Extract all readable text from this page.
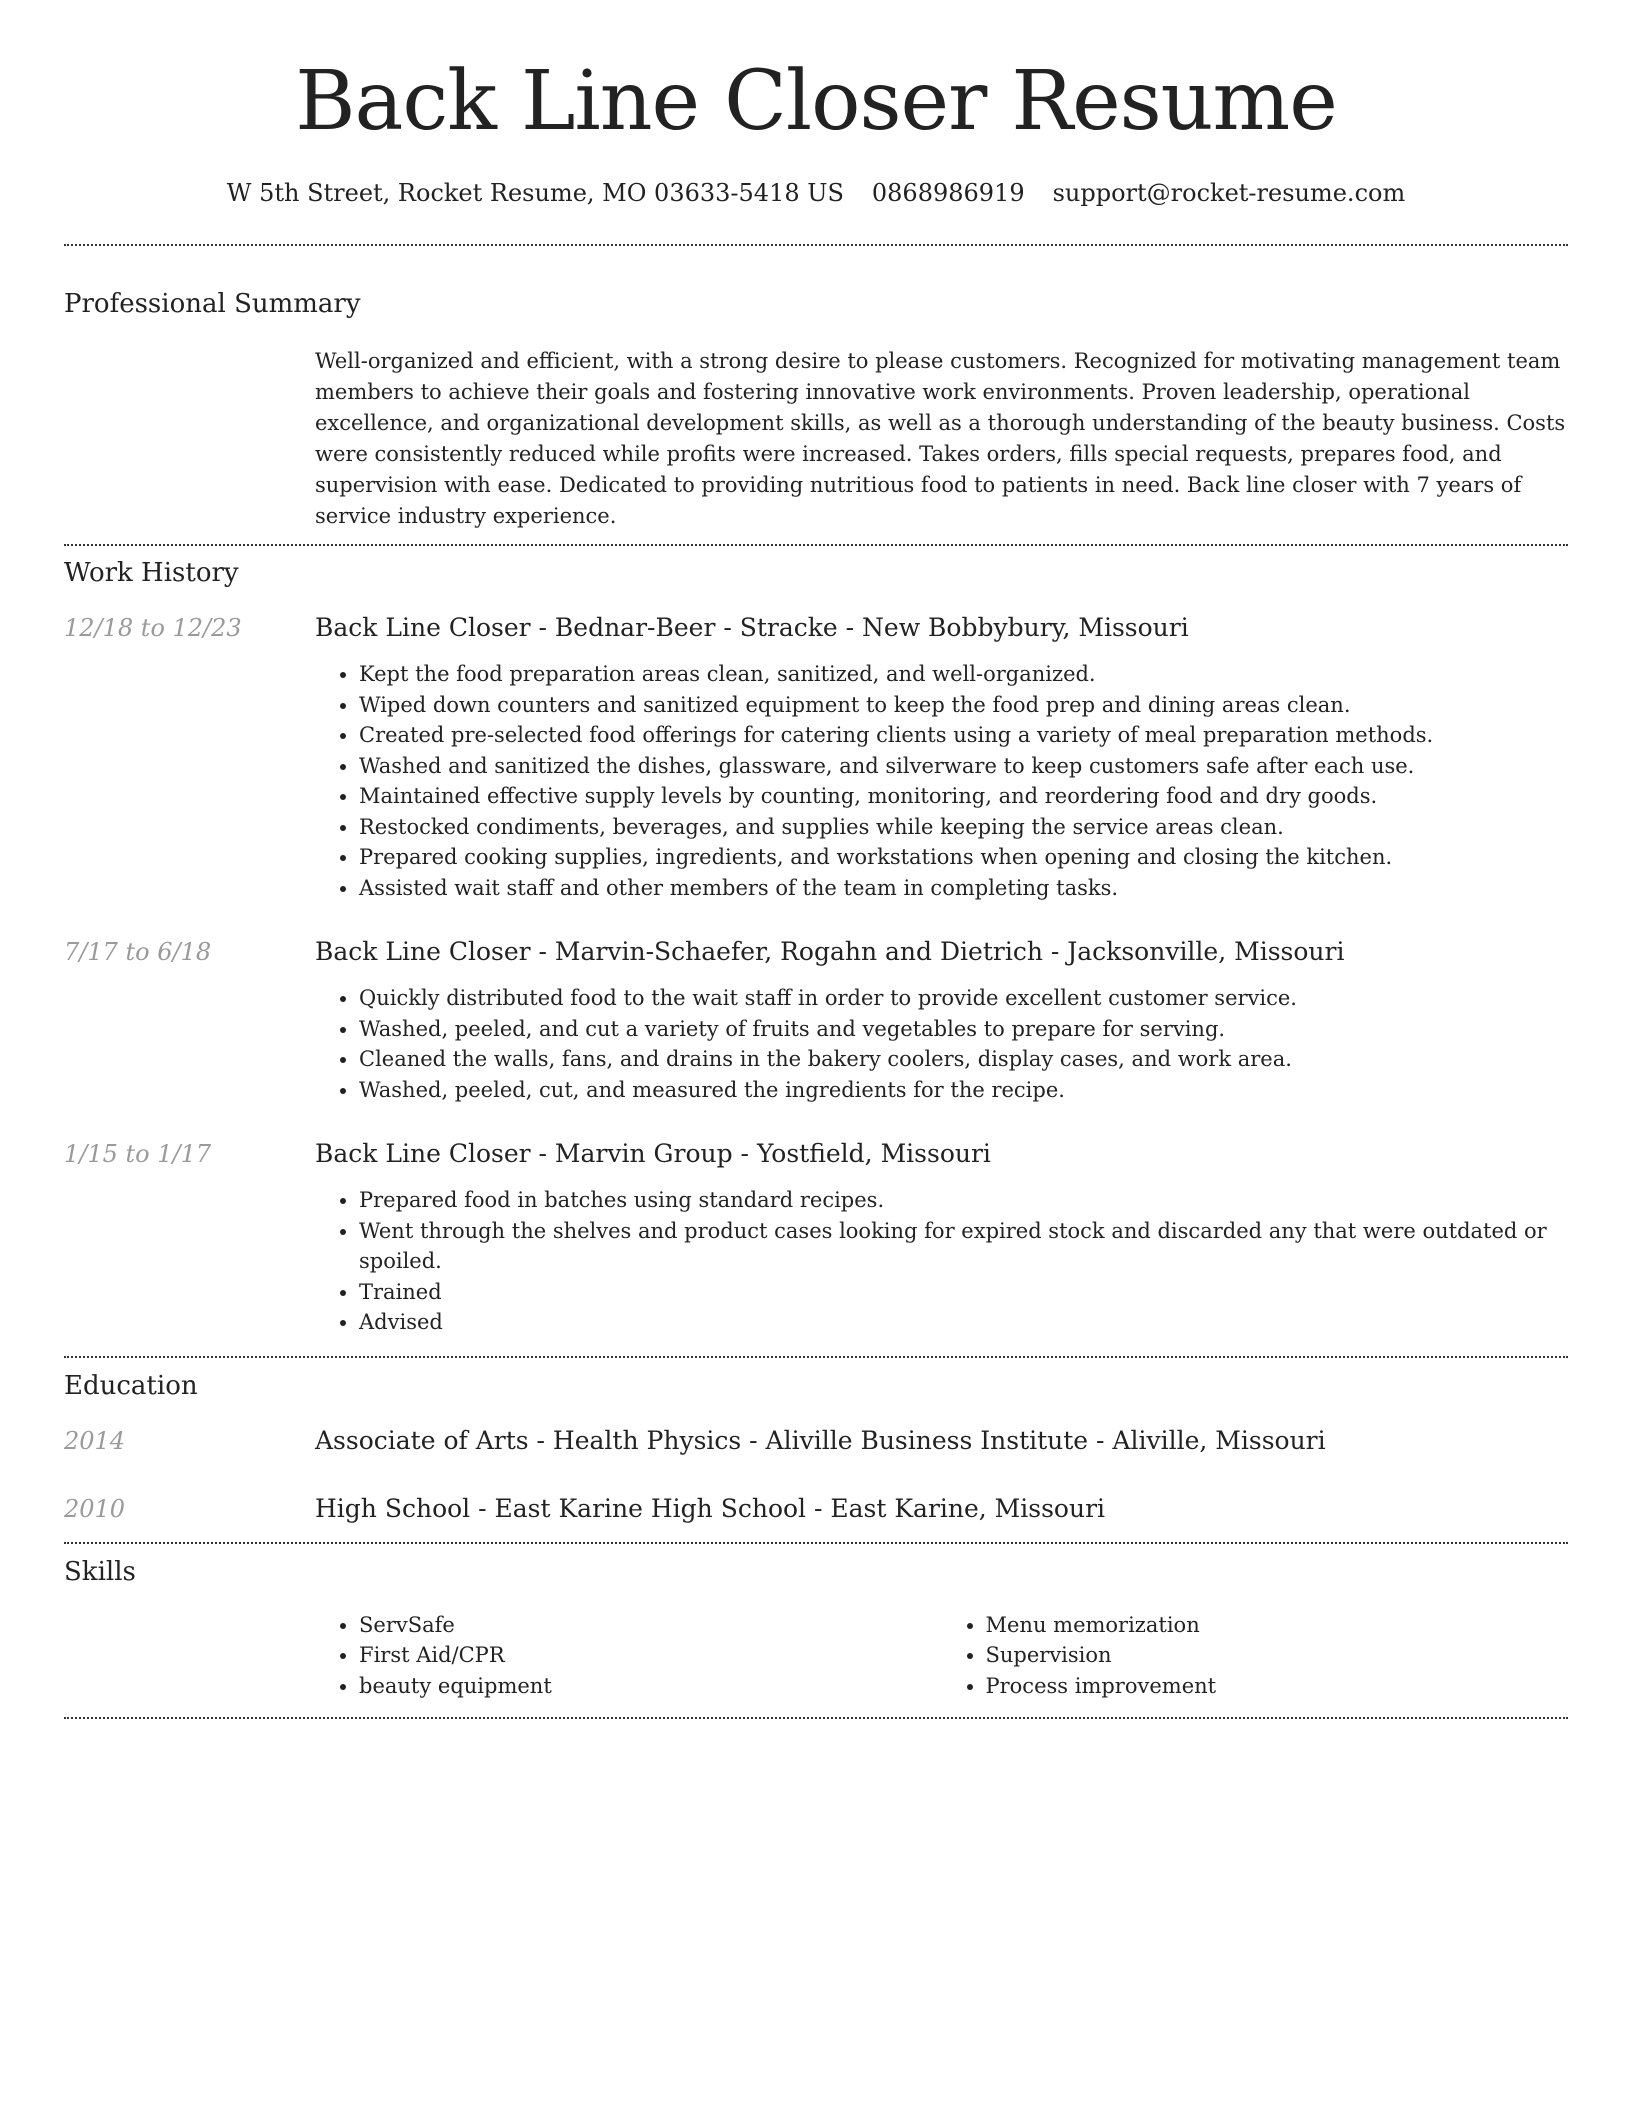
Back Line Closer Resume
W 5th Street, Rocket Resume, MO 03633-5418 US 0868986919 support@rocket-resume.com
Professional Summary
Well-organized and efficient, with a strong desire to please customers. Recognized for motivating management team members to achieve their goals and fostering innovative work environments. Proven leadership, operational excellence, and organizational development skills, as well as a thorough understanding of the beauty business. Costs were consistently reduced while profits were increased. Takes orders, fills special requests, prepares food, and supervision with ease. Dedicated to providing nutritious food to patients in need. Back line closer with 7 years of service industry experience.
Work History
12/18 to 12/23	Back Line Closer - Bednar-Beer - Stracke - New Bobbybury, Missouri
• Kept the food preparation areas clean, sanitized, and well-organized.
• Wiped down counters and sanitized equipment to keep the food prep and dining areas clean.
• Created pre-selected food offerings for catering clients using a variety of meal preparation methods.
• Washed and sanitized the dishes, glassware, and silverware to keep customers safe after each use.
• Maintained effective supply levels by counting, monitoring, and reordering food and dry goods.
• Restocked condiments, beverages, and supplies while keeping the service areas clean.
• Prepared cooking supplies, ingredients, and workstations when opening and closing the kitchen.
• Assisted wait staff and other members of the team in completing tasks.
7/17 to 6/18	Back Line Closer - Marvin-Schaefer, Rogahn and Dietrich - Jacksonville, Missouri
• Quickly distributed food to the wait staff in order to provide excellent customer service.
• Washed, peeled, and cut a variety of fruits and vegetables to prepare for serving.
• Cleaned the walls, fans, and drains in the bakery coolers, display cases, and work area.
• Washed, peeled, cut, and measured the ingredients for the recipe.
1/15 to 1/17	Back Line Closer - Marvin Group - Yostfield, Missouri
• Prepared food in batches using standard recipes.
• Went through the shelves and product cases looking for expired stock and discarded any that were outdated or spoiled.
• Trained
• Advised
Education
2014	Associate of Arts - Health Physics - Aliville Business Institute - Aliville, Missouri
2010	High School - East Karine High School - East Karine, Missouri
Skills
• ServSafe
• First Aid/CPR
• beauty equipment
• Menu memorization
• Supervision
• Process improvement
